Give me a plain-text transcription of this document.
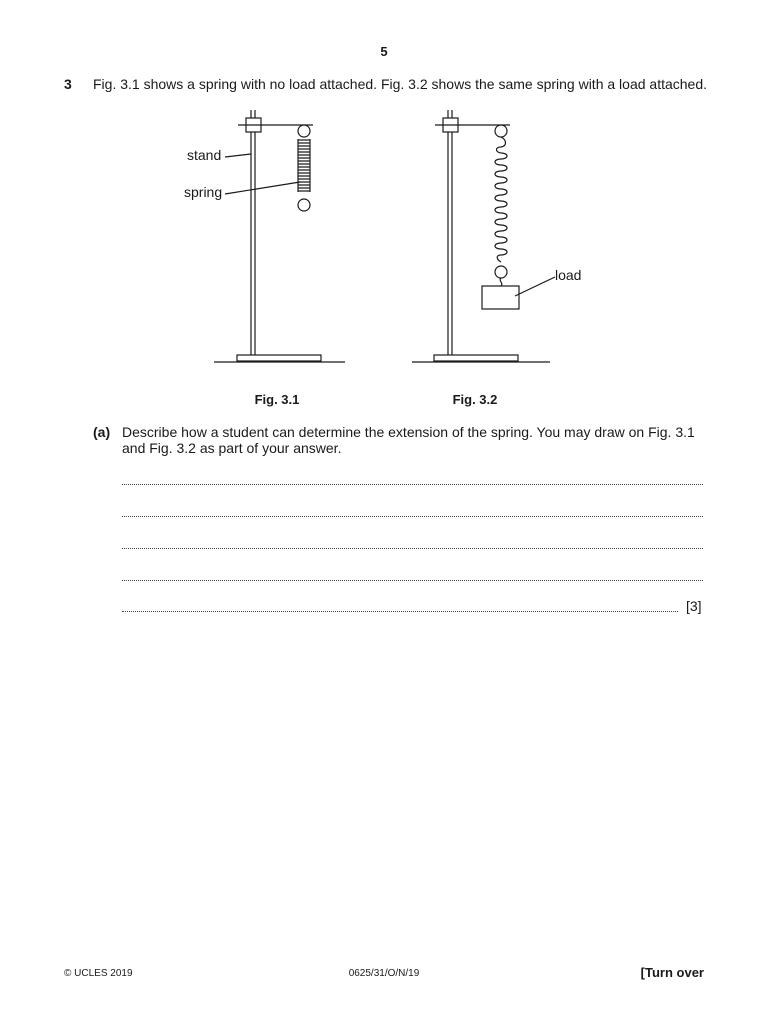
5
3 Fig. 3.1 shows a spring with no load attached. Fig. 3.2 shows the same spring with a load attached.
stand
spring
load
Fig. 3.1	Fig. 3.2
(a) Describe how a student can determine the extension of the spring. You may draw on Fig. 3.1 and Fig. 3.2 as part of your answer.
[3]
© UCLES 2019	0625/31/O/N/19	[Turn over
